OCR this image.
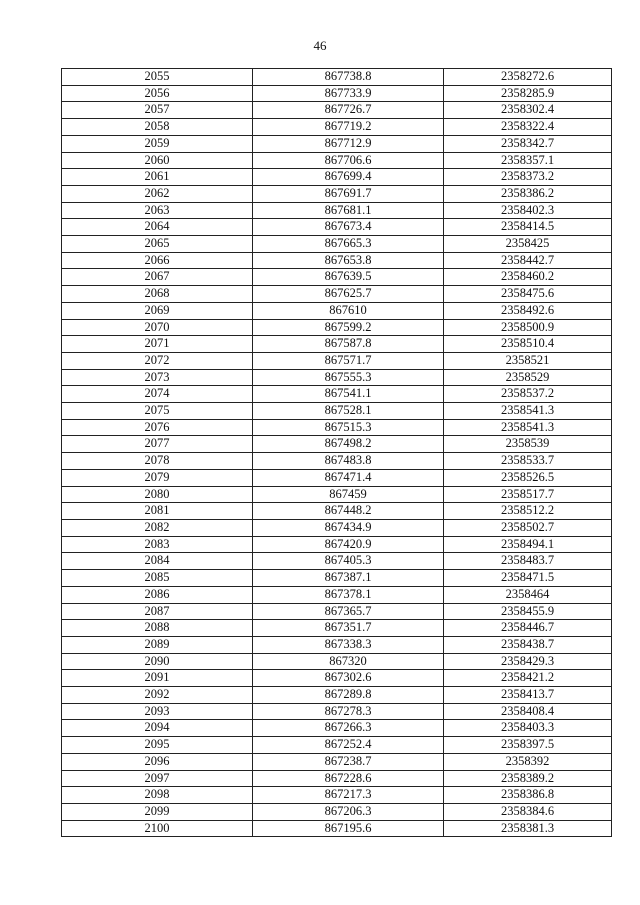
46
2055	867738.8	2358272.6
2056	867733.9	2358285.9
2057	867726.7	2358302.4
2058	867719.2	2358322.4
2059	867712.9	2358342.7
2060	867706.6	2358357.1
2061	867699.4	2358373.2
2062	867691.7	2358386.2
2063	867681.1	2358402.3
2064	867673.4	2358414.5
2065	867665.3	2358425
2066	867653.8	2358442.7
2067	867639.5	2358460.2
2068	867625.7	2358475.6
2069	867610	2358492.6
2070	867599.2	2358500.9
2071	867587.8	2358510.4
2072	867571.7	2358521
2073	867555.3	2358529
2074	867541.1	2358537.2
2075	867528.1	2358541.3
2076	867515.3	2358541.3
2077	867498.2	2358539
2078	867483.8	2358533.7
2079	867471.4	2358526.5
2080	867459	2358517.7
2081	867448.2	2358512.2
2082	867434.9	2358502.7
2083	867420.9	2358494.1
2084	867405.3	2358483.7
2085	867387.1	2358471.5
2086	867378.1	2358464
2087	867365.7	2358455.9
2088	867351.7	2358446.7
2089	867338.3	2358438.7
2090	867320	2358429.3
2091	867302.6	2358421.2
2092	867289.8	2358413.7
2093	867278.3	2358408.4
2094	867266.3	2358403.3
2095	867252.4	2358397.5
2096	867238.7	2358392
2097	867228.6	2358389.2
2098	867217.3	2358386.8
2099	867206.3	2358384.6
2100	867195.6	2358381.3
